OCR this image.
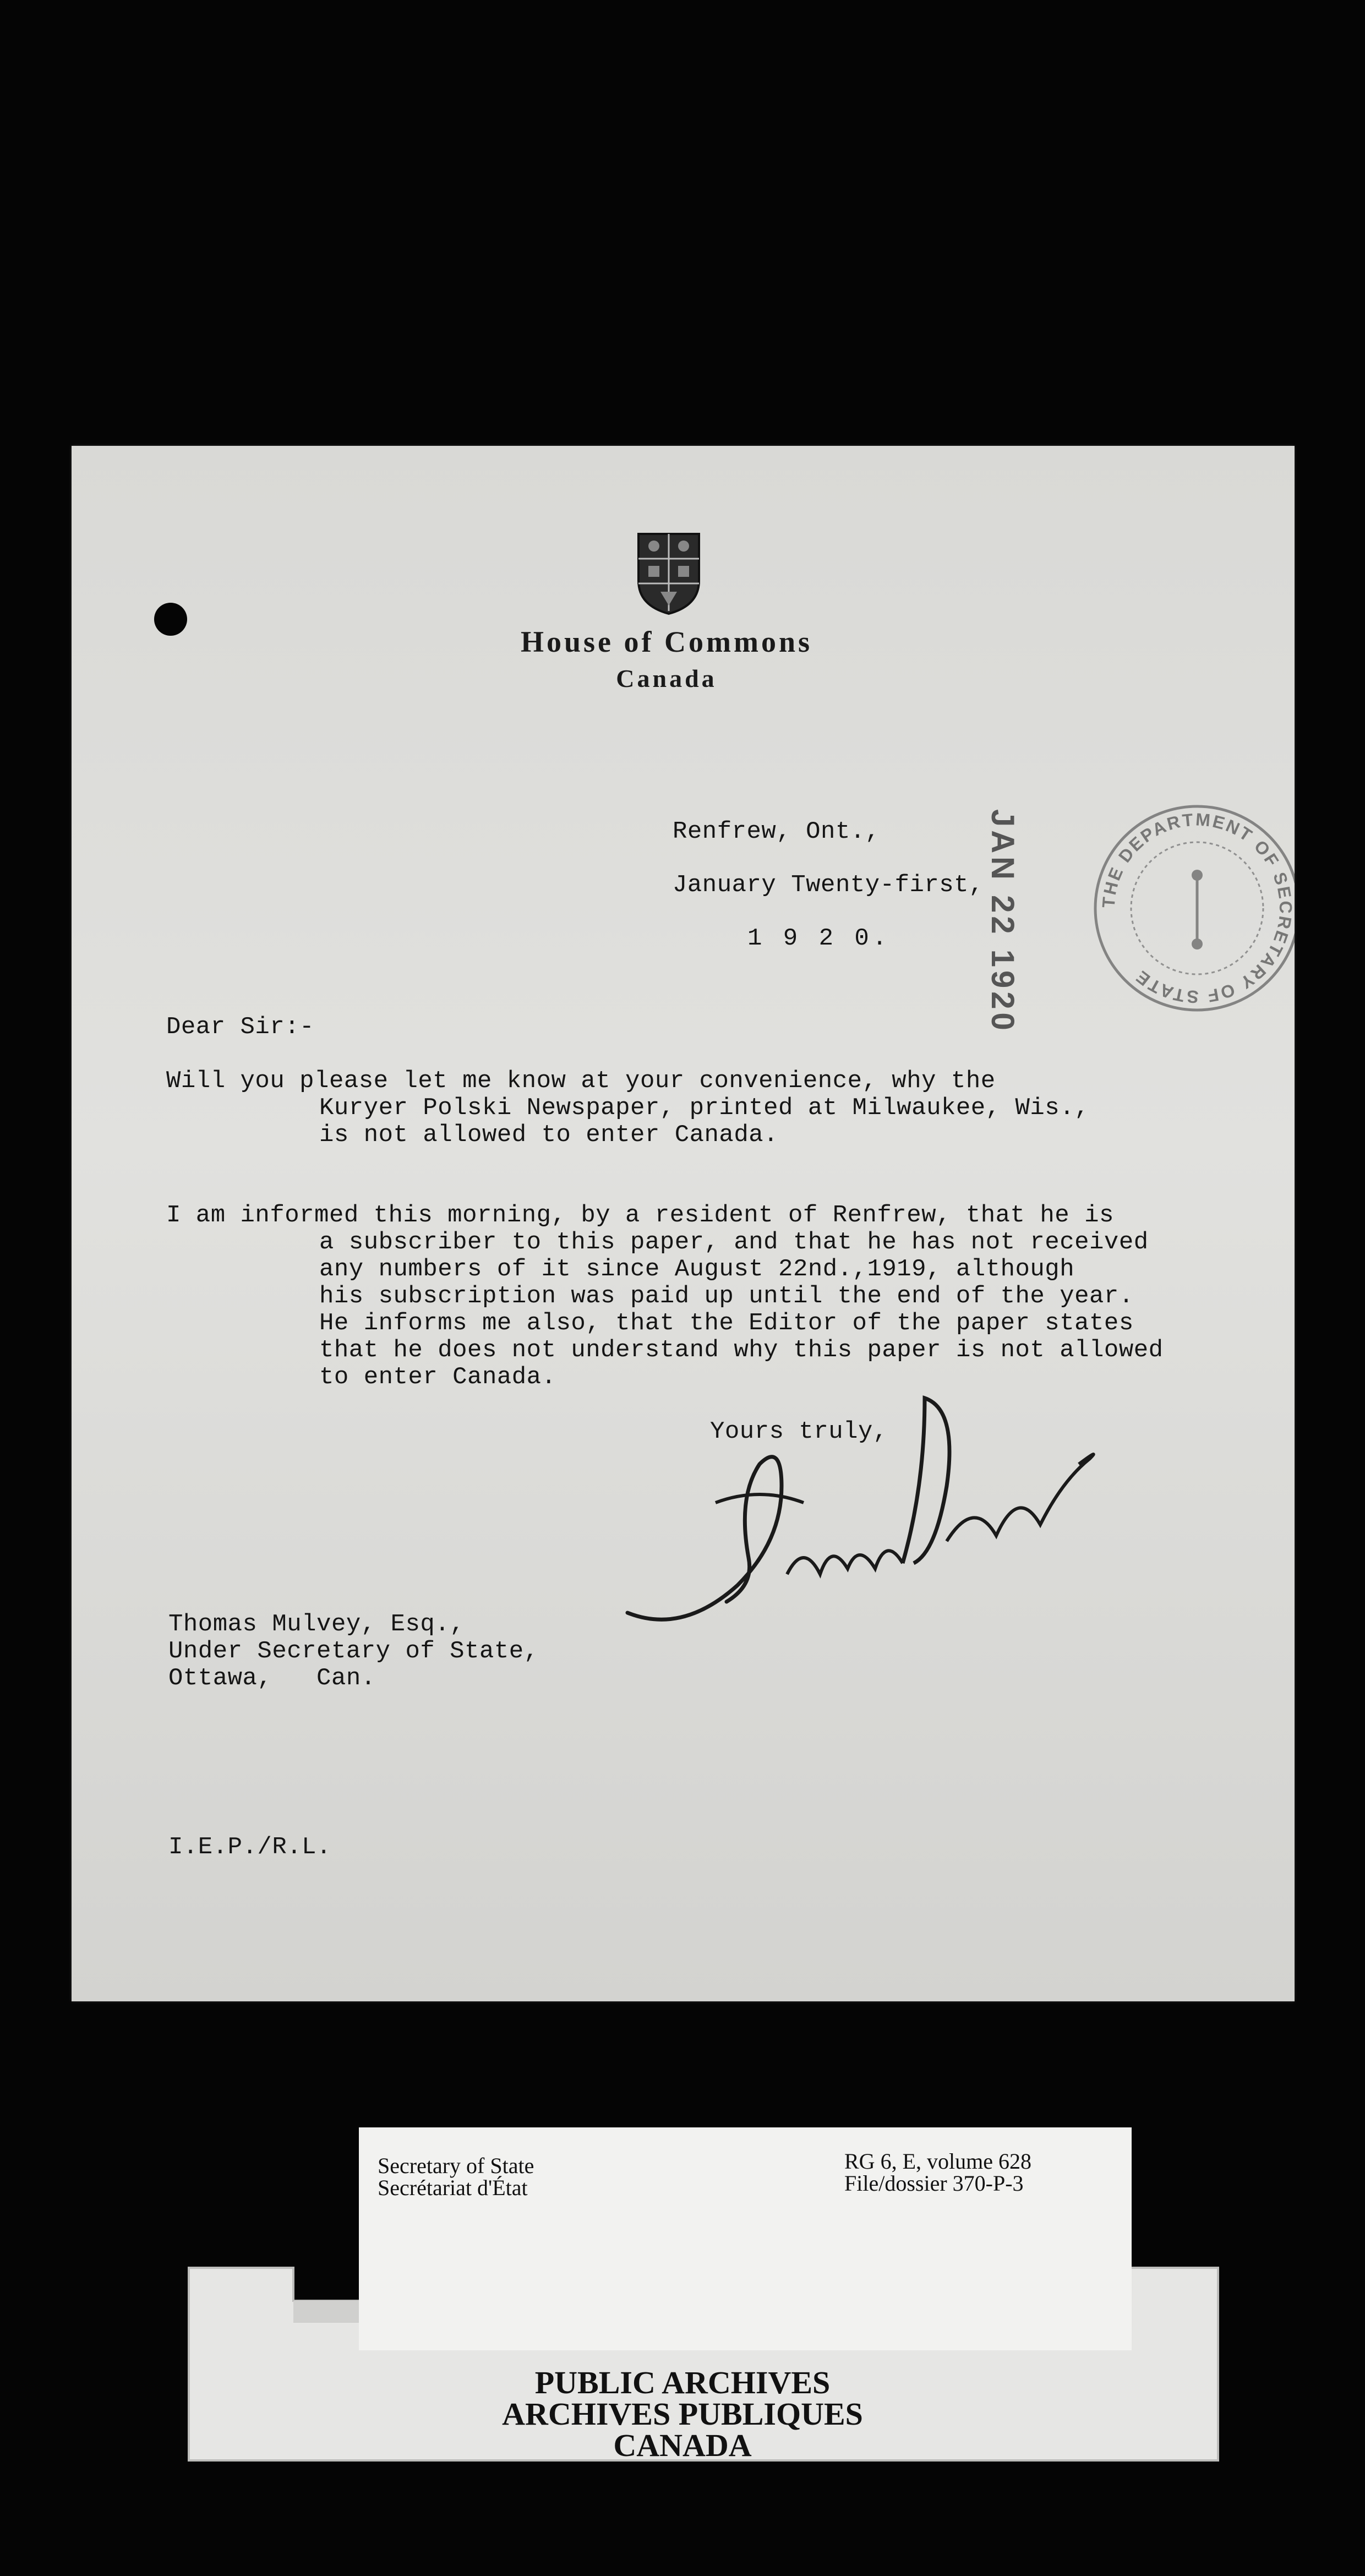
House of Commons
Canada
Renfrew, Ont.,
January Twenty-first,
1 9 2 0.	JAN 22 1920	THE DEPARTMENT OF SECRETARY OF STATE
Dear Sir:-
Will you please let me know at your convenience, why the
Kuryer Polski Newspaper, printed at Milwaukee, Wis.,
is not allowed to enter Canada.
I am informed this morning, by a resident of Renfrew, that he is
a subscriber to this paper, and that he has not received
any numbers of it since August 22nd.,1919, although
his subscription was paid up until the end of the year.
He informs me also, that the Editor of the paper states
that he does not understand why this paper is not allowed
to enter Canada.
Yours truly,
Thomas Mulvey, Esq.,
Under Secretary of State,
Ottawa,   Can.
I.E.P./R.L.
Secretary of State
Secrétariat d'État
RG 6, E, volume 628
File/dossier 370-P-3
PUBLIC ARCHIVES
ARCHIVES PUBLIQUES
CANADA
